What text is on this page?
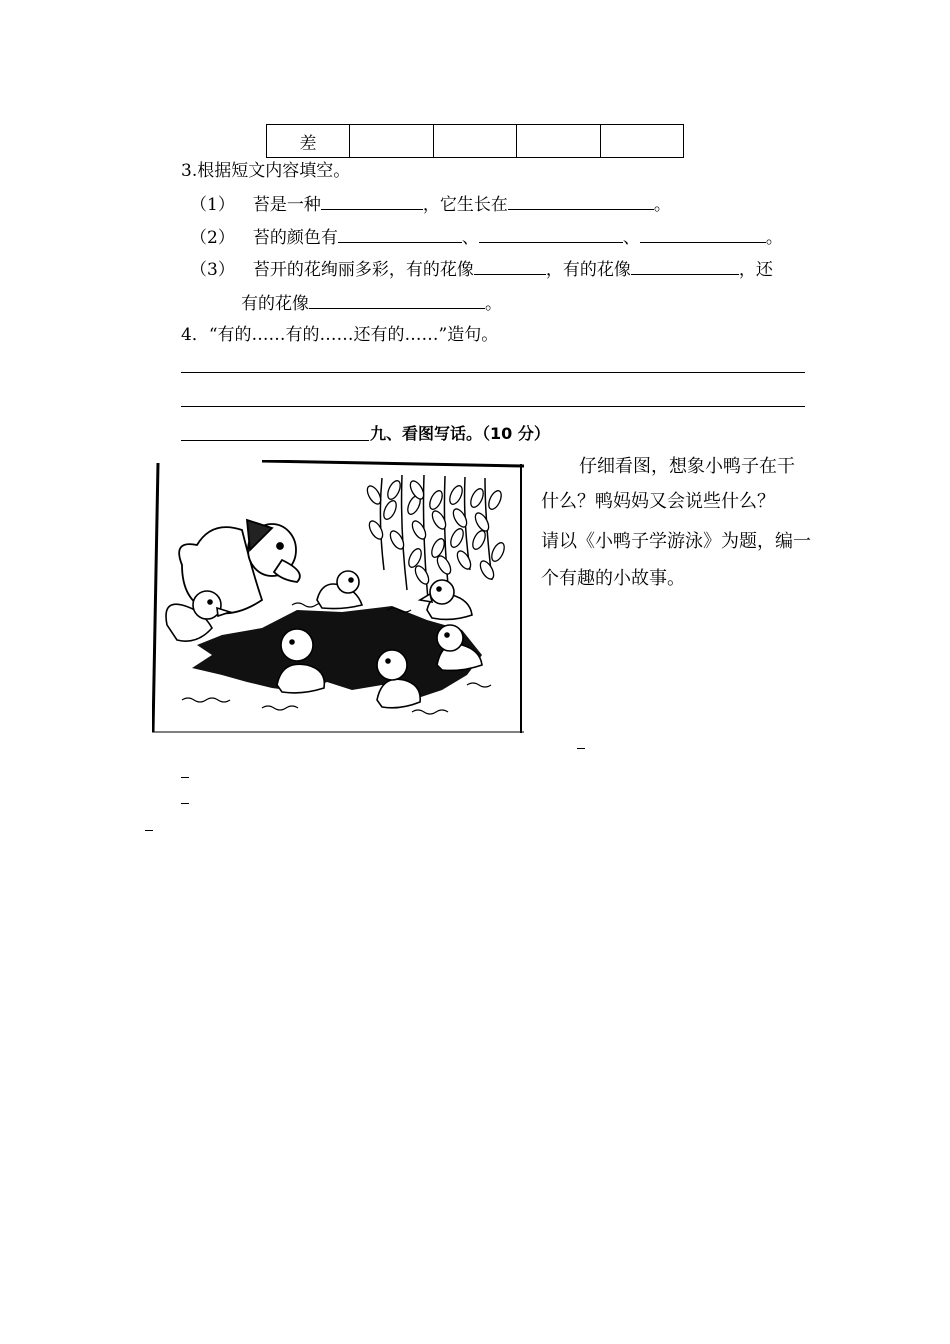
差				
3.根据短文内容填空。
（1） 苔是一种	，它生长在	。
（2） 苔的颜色有	、	、	。
（3） 苔开的花绚丽多彩，有的花像	，有的花像	，还
有的花像	。
4．“有的……有的……还有的……”造句。
九、看图写话。（10 分）
仔细看图，想象小鸭子在干
什么？鸭妈妈又会说些什么？
请以《小鸭子学游泳》为题，编一
个有趣的小故事。
